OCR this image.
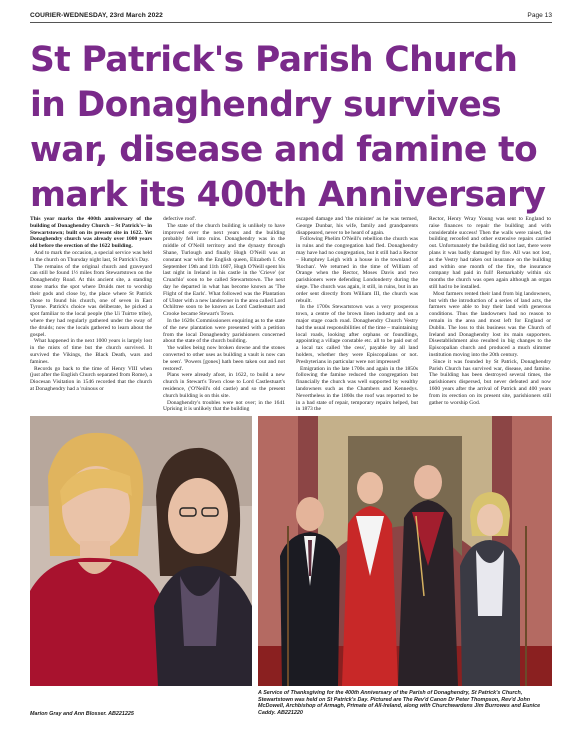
COURIER-WEDNESDAY, 23rd March 2022	Page 13
St Patrick's Parish Church in Donaghendry survives war, disease and famine to mark its 400th Anniversary

This year marks the 400th anniversary of the building of Donaghendry Church – St Patrick's– in Stewartstown; built on its present site in 1622. Yet Donaghendry church was already over 1000 years old before the erection of the 1622 building.

And to mark the occasion, a special service was held in the church on Thursday night last, St Patrick's Day.

The remains of the original church and graveyard can still be found 1½ miles from Stewartstown on the Donaghendry Road. At this ancient site, a standing stone marks the spot where Druids met to worship their gods and close by, the place where St Patrick chose to found his church, one of seven in East Tyrone. Patrick's choice was deliberate, he picked a spot familiar to the local people (the Ui Tuirtre tribe), where they had regularly gathered under the sway of the druids; now the locals gathered to learn about the gospel.

What happened in the next 1000 years is largely lost in the mists of time but the church survived. It survived the Vikings, the Black Death, wars and famines.

Records go back to the time of Henry VIII when (just after the English Church separated from Rome), a Diocesan Visitation in 1546 recorded that the church at Donaghendry had a 'ruinous or

defective roof'.

The state of the church building is unlikely to have improved over the next years and the building probably fell into ruins. Donaghendry was in the middle of O'Neill territory and the dynasty through Shane, Turlough and finally Hugh O'Neill was at constant war with the English queen, Elizabeth I. On September 19th and 11th 1607, Hugh O'Neill spent his last night in Ireland in his castle in the 'Crieve' (or Cruachlo' soon to be called Stewartstown. The next day he departed in what has become known as 'The Flight of the Earls'. What followed was the Plantation of Ulster with a new landowner in the area called Lord Ochiltree soon to be known as Lord Castlestuart and Crooke became Stewart's Town.

In the 1620s Commissioners enquiring as to the state of the new plantation were presented with a petition from the local Donaghendry parishioners concerned about the state of the church building.

'the walles being now broken downe and the stones converted to other uses as building a vault is now can be seen'. 'Powers [gones] hath been taken out and not restored'.

Plans were already afoot, in 1622, to build a new church in Stewart's Town close to Lord Castlestuart's residence, ('O'Neill's old castle) and so the present church building is on this site.

Donaghendry's troubles were not over; in the 1641 Uprising it is unlikely that the building

escaped damage and 'the minister' as he was termed, George Dunbar, his wife, family and grandparents disappeared, never to be heard of again.

Following Phelim O'Neill's rebellion the church was in ruins and the congregation had fled. Donaghendry may have had no congregation, but it still had a Rector – Humphrey Leigh with a house in the townland of 'Rochan'. We returned in the time of William of Orange when the Rector, Moses Davis and two parishioners were defending Londonderry during the siege. The church was again, it still, in ruins, but in an order sent directly from William III, the church was rebuilt.

In the 1700s Stewartstown was a very prosperous town, a centre of the brown linen industry and on a major stage coach road. Donaghendry Church Vestry had the usual responsibilities of the time – maintaining local roads, looking after orphans or foundlings, appointing a village constable etc. all to be paid out of a local tax called 'the cess', payable by all land holders, whether they were Episcopalians or not. Presbyterians in particular were not impressed!

Emigration in the late 1700s and again in the 1850s following the famine reduced the congregation but financially the church was well supported by wealthy landowners such as the Chambers and Kennedys. Nevertheless in the 1860s the roof was reported to be in a bad state of repair, temporary repairs helped, but in 1873 the

Rector, Henry Wray Young was sent to England to raise finances to repair the building and with considerable success! Then the walls were raised, the building reroofed and other extensive repairs carried out. Unfortunately the building did not last, there were plans it was badly damaged by fire. All was not lost, as the Vestry had taken out insurance on the building and within one month of the fire, the insurance company had paid in full! Remarkably within six months the church was open again although an organ still had to be installed.

Most farmers rented their land from big landowners, but with the introduction of a series of land acts, the farmers were able to buy their land with generous conditions. Thus the landowners had no reason to remain in the area and most left for England or Dublin. The loss to this business was the Church of Ireland and Donaghendry lost its main supporters. Disestablishment also resulted in big changes to the Episcopalian church and produced a much slimmer institution moving into the 20th century.

Since it was founded by St Patrick, Donaghendry Parish Church has survived war, disease, and famine. The building has been destroyed several times, the parishioners dispersed, but never defeated and now 1600 years after the arrival of Patrick and 400 years from its erection on its present site, parishioners still gather to worship God.

Marion Gray and Ann Blosser. AB221225
A Service of Thanksgiving for the 400th Anniversary of the Parish of Donaghendry, St Patrick's Church, Stewartstown was held on St Patrick's Day. Pictured are The Rev'd Canon Dr Peter Thompson, Rev'd John McDowell, Archbishop of Armagh, Primate of All-Ireland, along with Churchwardens Jim Burrowes and Eunice Caddy. AB221220
